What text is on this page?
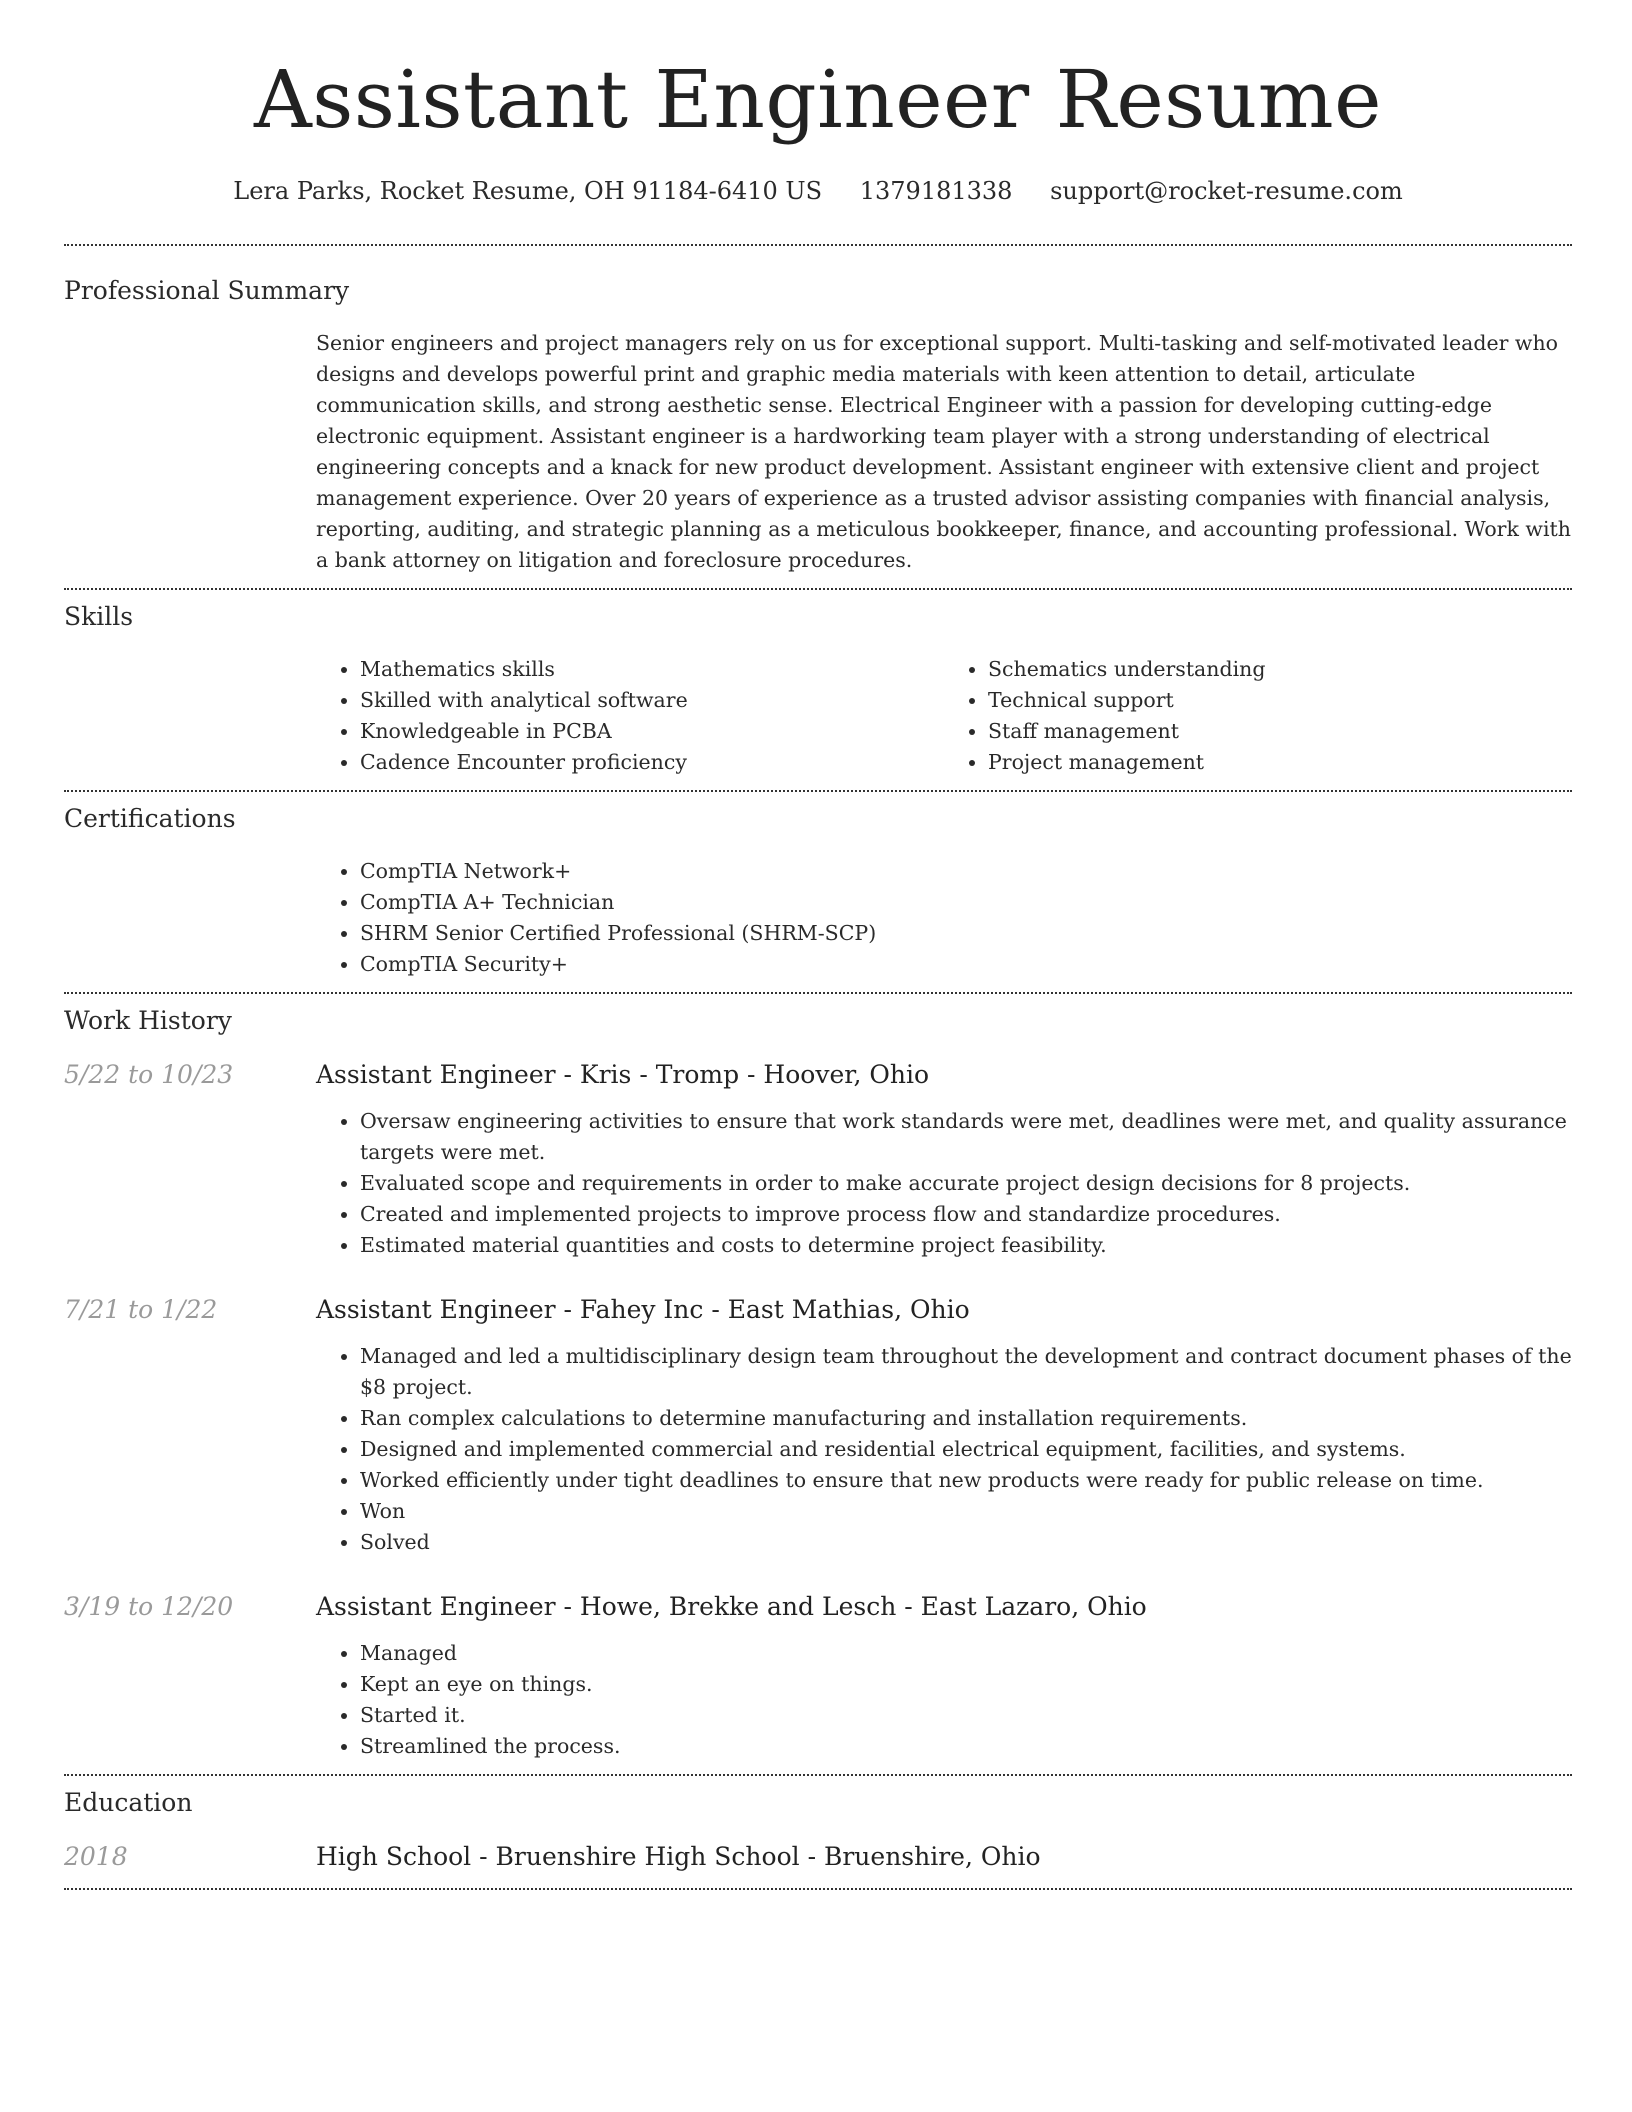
Assistant Engineer Resume
Lera Parks, Rocket Resume, OH 91184-6410 US 1379181338 support@rocket-resume.com
Professional Summary

Senior engineers and project managers rely on us for exceptional support. Multi-tasking and self-motivated leader who designs and develops powerful print and graphic media materials with keen attention to detail, articulate communication skills, and strong aesthetic sense. Electrical Engineer with a passion for developing cutting-edge electronic equipment. Assistant engineer is a hardworking team player with a strong understanding of electrical engineering concepts and a knack for new product development. Assistant engineer with extensive client and project management experience. Over 20 years of experience as a trusted advisor assisting companies with financial analysis, reporting, auditing, and strategic planning as a meticulous bookkeeper, finance, and accounting professional. Work with a bank attorney on litigation and foreclosure procedures.

Skills
• Mathematics skills
• Skilled with analytical software
• Knowledgeable in PCBA
• Cadence Encounter proficiency
• Schematics understanding
• Technical support
• Staff management
• Project management
Certifications
• CompTIA Network+
• CompTIA A+ Technician
• SHRM Senior Certified Professional (SHRM-SCP)
• CompTIA Security+
Work History
5/22 to 10/23	Assistant Engineer - Kris - Tromp - Hoover, Ohio
• Oversaw engineering activities to ensure that work standards were met, deadlines were met, and quality assurance targets were met.
• Evaluated scope and requirements in order to make accurate project design decisions for 8 projects.
• Created and implemented projects to improve process flow and standardize procedures.
• Estimated material quantities and costs to determine project feasibility.
7/21 to 1/22	Assistant Engineer - Fahey Inc - East Mathias, Ohio
• Managed and led a multidisciplinary design team throughout the development and contract document phases of the $8 project.
• Ran complex calculations to determine manufacturing and installation requirements.
• Designed and implemented commercial and residential electrical equipment, facilities, and systems.
• Worked efficiently under tight deadlines to ensure that new products were ready for public release on time.
• Won
• Solved
3/19 to 12/20	Assistant Engineer - Howe, Brekke and Lesch - East Lazaro, Ohio
• Managed
• Kept an eye on things.
• Started it.
• Streamlined the process.
Education
2018	High School - Bruenshire High School - Bruenshire, Ohio
